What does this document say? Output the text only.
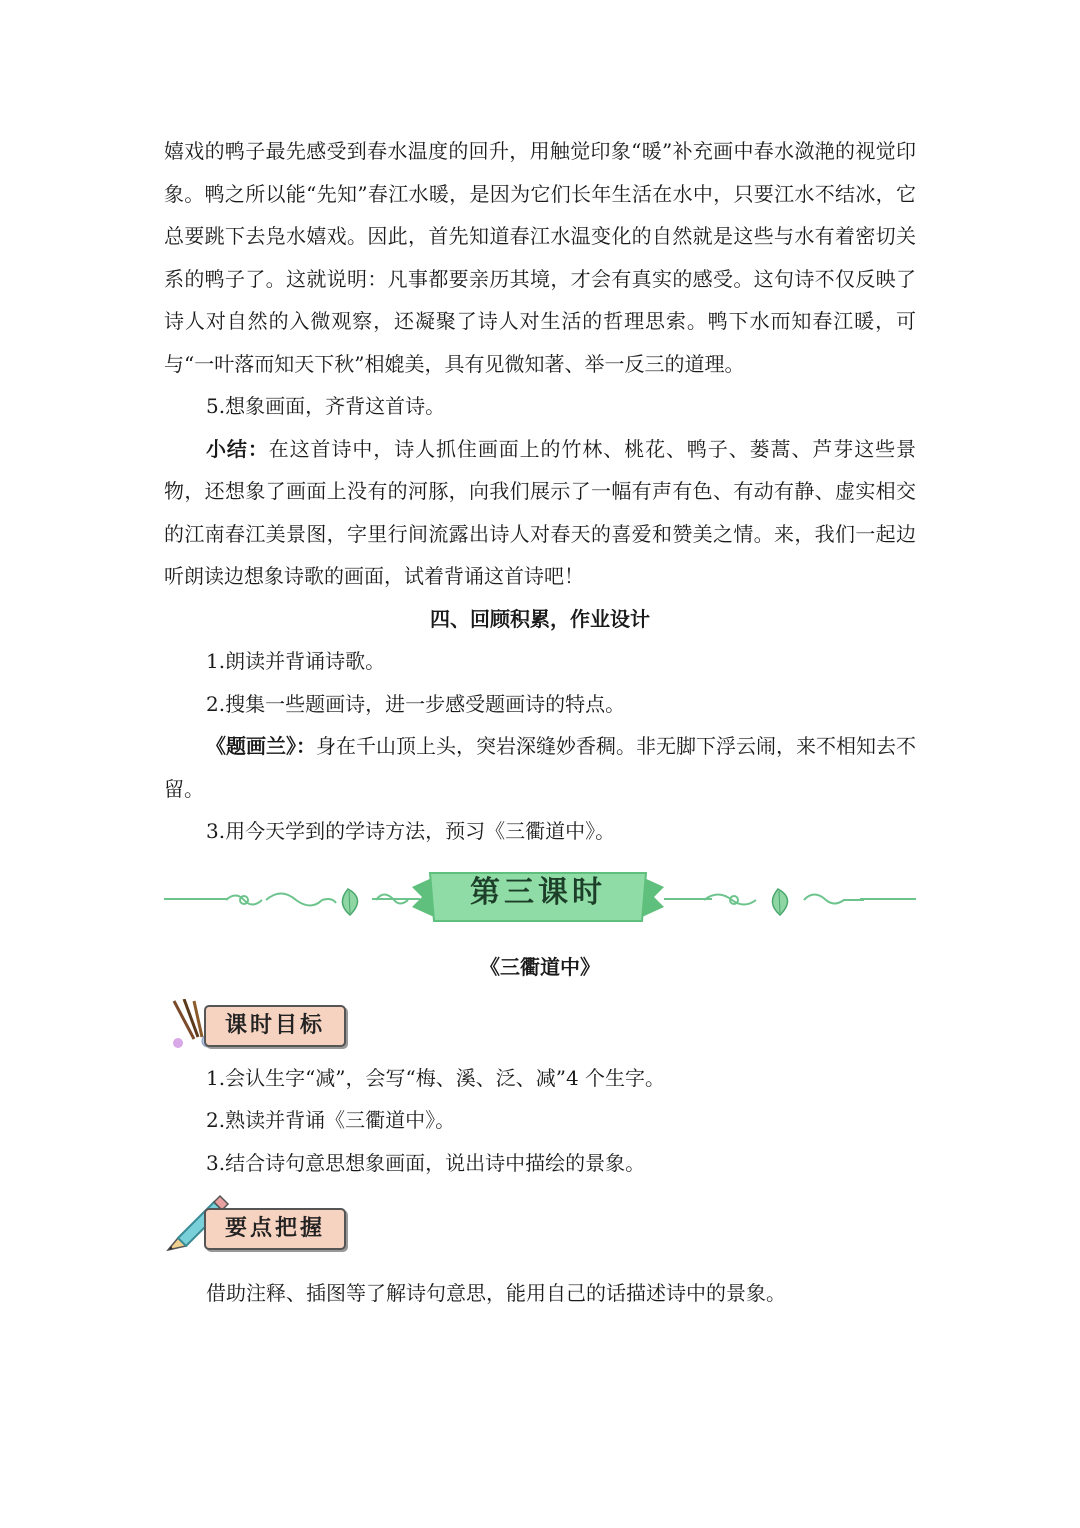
嬉戏的鸭子最先感受到春水温度的回升，用触觉印象“暖”补充画中春水潋滟的视觉印象。鸭之所以能“先知”春江水暖，是因为它们长年生活在水中，只要江水不结冰，它总要跳下去凫水嬉戏。因此，首先知道春江水温变化的自然就是这些与水有着密切关系的鸭子了。这就说明：凡事都要亲历其境，才会有真实的感受。这句诗不仅反映了诗人对自然的入微观察，还凝聚了诗人对生活的哲理思索。鸭下水而知春江暖，可与“一叶落而知天下秋”相媲美，具有见微知著、举一反三的道理。

5.想象画面，齐背这首诗。

小结：在这首诗中，诗人抓住画面上的竹林、桃花、鸭子、蒌蒿、芦芽这些景物，还想象了画面上没有的河豚，向我们展示了一幅有声有色、有动有静、虚实相交的江南春江美景图，字里行间流露出诗人对春天的喜爱和赞美之情。来，我们一起边听朗读边想象诗歌的画面，试着背诵这首诗吧！

四、回顾积累，作业设计

1.朗读并背诵诗歌。

2.搜集一些题画诗，进一步感受题画诗的特点。

《题画兰》：身在千山顶上头，突岩深缝妙香稠。非无脚下浮云闹，来不相知去不留。

3.用今天学到的学诗方法，预习《三衢道中》。

第三课时

《三衢道中》

课时目标

1.会认生字“减”，会写“梅、溪、泛、减”4 个生字。

2.熟读并背诵《三衢道中》。

3.结合诗句意思想象画面，说出诗中描绘的景象。

要点把握

借助注释、插图等了解诗句意思，能用自己的话描述诗中的景象。
